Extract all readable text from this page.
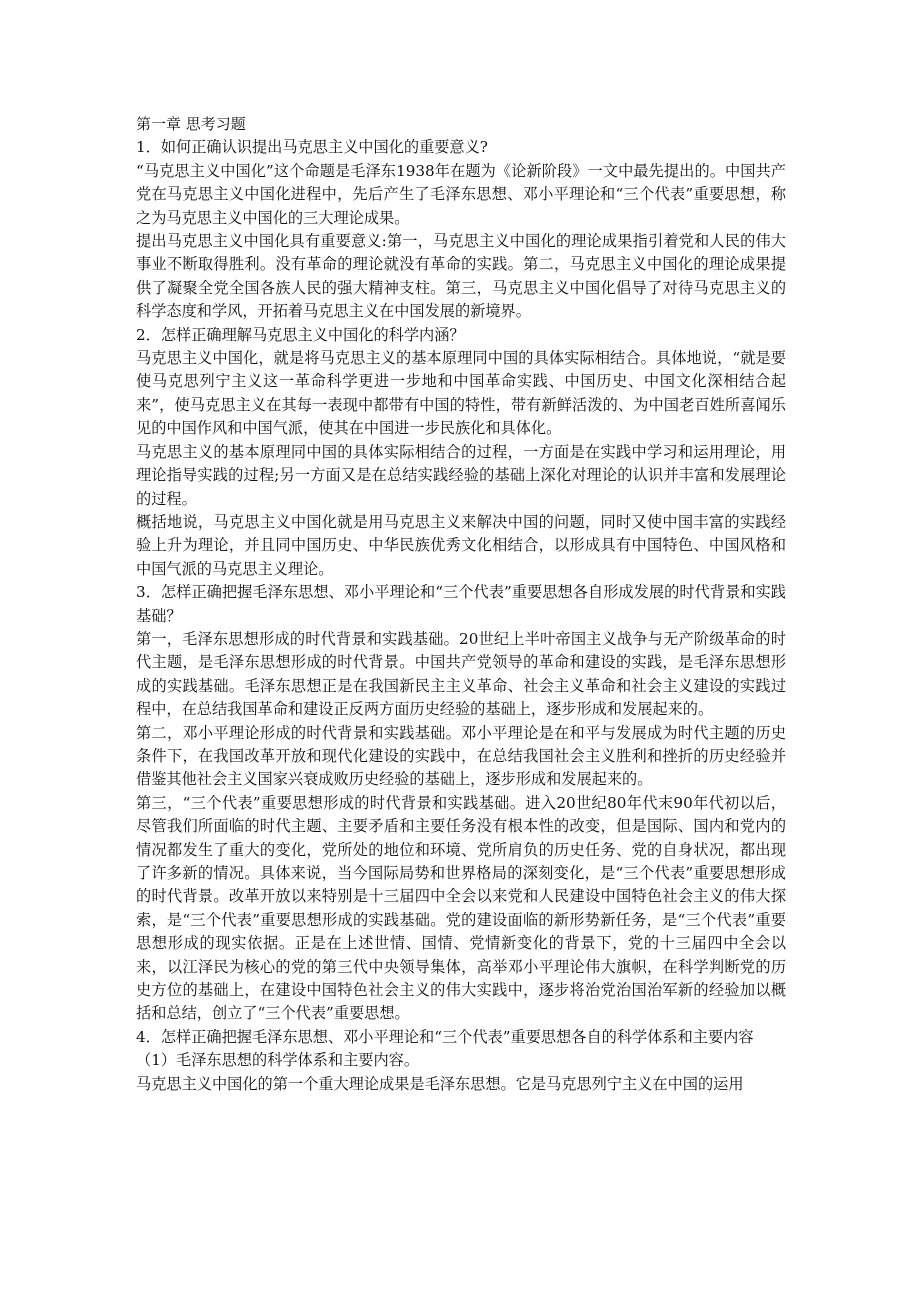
第一章 思考习题

1．如何正确认识提出马克思主义中国化的重要意义?

“马克思主义中国化”这个命题是毛泽东1938年在题为《论新阶段》一文中最先提出的。中国共产党在马克思主义中国化进程中，先后产生了毛泽东思想、邓小平理论和“三个代表”重要思想，称之为马克思主义中国化的三大理论成果。

提出马克思主义中国化具有重要意义:第一，马克思主义中国化的理论成果指引着党和人民的伟大事业不断取得胜利。没有革命的理论就没有革命的实践。第二，马克思主义中国化的理论成果提供了凝聚全党全国各族人民的强大精神支柱。第三，马克思主义中国化倡导了对待马克思主义的科学态度和学风，开拓着马克思主义在中国发展的新境界。

2．怎样正确理解马克思主义中国化的科学内涵？

马克思主义中国化，就是将马克思主义的基本原理同中国的具体实际相结合。具体地说，“就是要使马克思列宁主义这一革命科学更进一步地和中国革命实践、中国历史、中国文化深相结合起来”，使马克思主义在其每一表现中都带有中国的特性，带有新鲜活泼的、为中国老百姓所喜闻乐见的中国作风和中国气派，使其在中国进一步民族化和具体化。

马克思主义的基本原理同中国的具体实际相结合的过程，一方面是在实践中学习和运用理论，用理论指导实践的过程;另一方面又是在总结实践经验的基础上深化对理论的认识并丰富和发展理论的过程。

概括地说，马克思主义中国化就是用马克思主义来解决中国的问题，同时又使中国丰富的实践经验上升为理论，并且同中国历史、中华民族优秀文化相结合，以形成具有中国特色、中国风格和中国气派的马克思主义理论。

3．怎样正确把握毛泽东思想、邓小平理论和“三个代表”重要思想各自形成发展的时代背景和实践基础？

第一，毛泽东思想形成的时代背景和实践基础。20世纪上半叶帝国主义战争与无产阶级革命的时代主题，是毛泽东思想形成的时代背景。中国共产党领导的革命和建设的实践，是毛泽东思想形成的实践基础。毛泽东思想正是在我国新民主主义革命、社会主义革命和社会主义建设的实践过程中，在总结我国革命和建设正反两方面历史经验的基础上，逐步形成和发展起来的。

第二，邓小平理论形成的时代背景和实践基础。邓小平理论是在和平与发展成为时代主题的历史条件下，在我国改革开放和现代化建设的实践中，在总结我国社会主义胜利和挫折的历史经验并借鉴其他社会主义国家兴衰成败历史经验的基础上，逐步形成和发展起来的。

第三，“三个代表”重要思想形成的时代背景和实践基础。进入20世纪80年代末90年代初以后，尽管我们所面临的时代主题、主要矛盾和主要任务没有根本性的改变，但是国际、国内和党内的情况都发生了重大的变化，党所处的地位和环境、党所肩负的历史任务、党的自身状况，都出现了许多新的情况。具体来说，当今国际局势和世界格局的深刻变化，是“三个代表”重要思想形成的时代背景。改革开放以来特别是十三届四中全会以来党和人民建设中国特色社会主义的伟大探索，是“三个代表”重要思想形成的实践基础。党的建设面临的新形势新任务，是“三个代表”重要思想形成的现实依据。正是在上述世情、国情、党情新变化的背景下，党的十三届四中全会以来，以江泽民为核心的党的第三代中央领导集体，高举邓小平理论伟大旗帜，在科学判断党的历史方位的基础上，在建设中国特色社会主义的伟大实践中，逐步将治党治国治军新的经验加以概括和总结，创立了“三个代表”重要思想。

4．怎样正确把握毛泽东思想、邓小平理论和“三个代表”重要思想各自的科学体系和主要内容

（1）毛泽东思想的科学体系和主要内容。

马克思主义中国化的第一个重大理论成果是毛泽东思想。它是马克思列宁主义在中国的运用
